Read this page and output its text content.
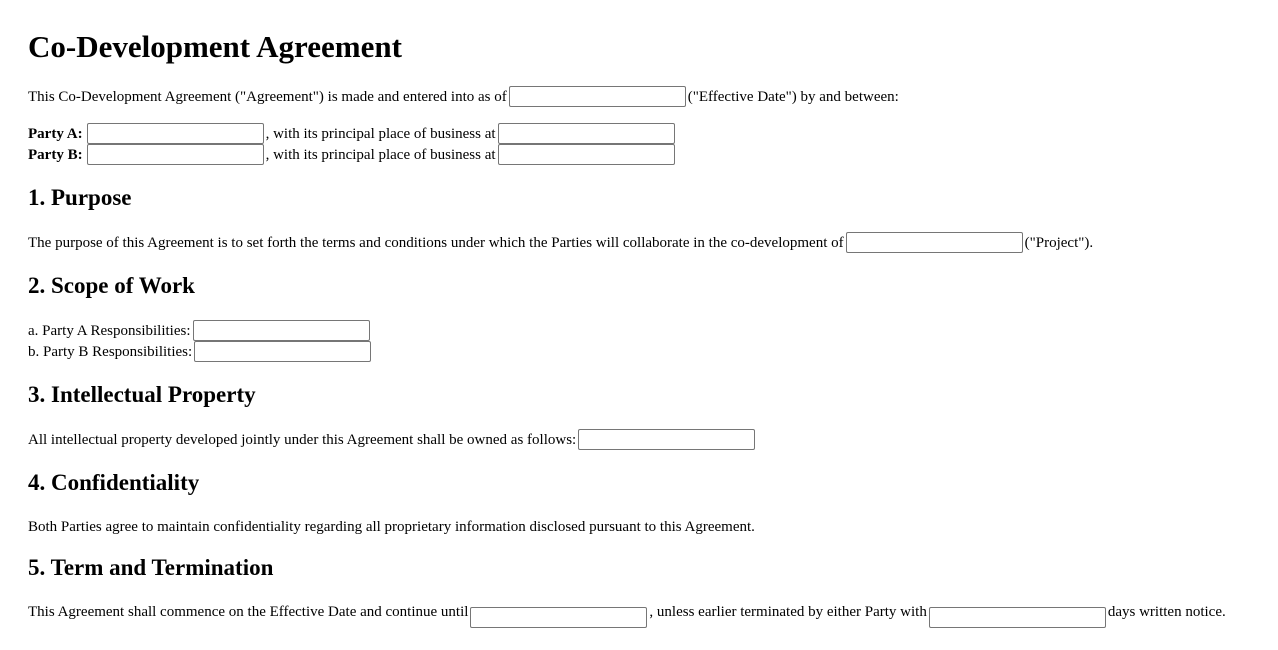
Co-Development Agreement
This Co-Development Agreement ("Agreement") is made and entered into as of	("Effective Date") by and between:
Party A:	, with its principal place of business at
Party B:	, with its principal place of business at
1. Purpose
The purpose of this Agreement is to set forth the terms and conditions under which the Parties will collaborate in the co-development of	("Project").
2. Scope of Work
a. Party A Responsibilities:
b. Party B Responsibilities:
3. Intellectual Property
All intellectual property developed jointly under this Agreement shall be owned as follows:
4. Confidentiality
Both Parties agree to maintain confidentiality regarding all proprietary information disclosed pursuant to this Agreement.
5. Term and Termination
This Agreement shall commence on the Effective Date and continue until	, unless earlier terminated by either Party with	days written notice.
